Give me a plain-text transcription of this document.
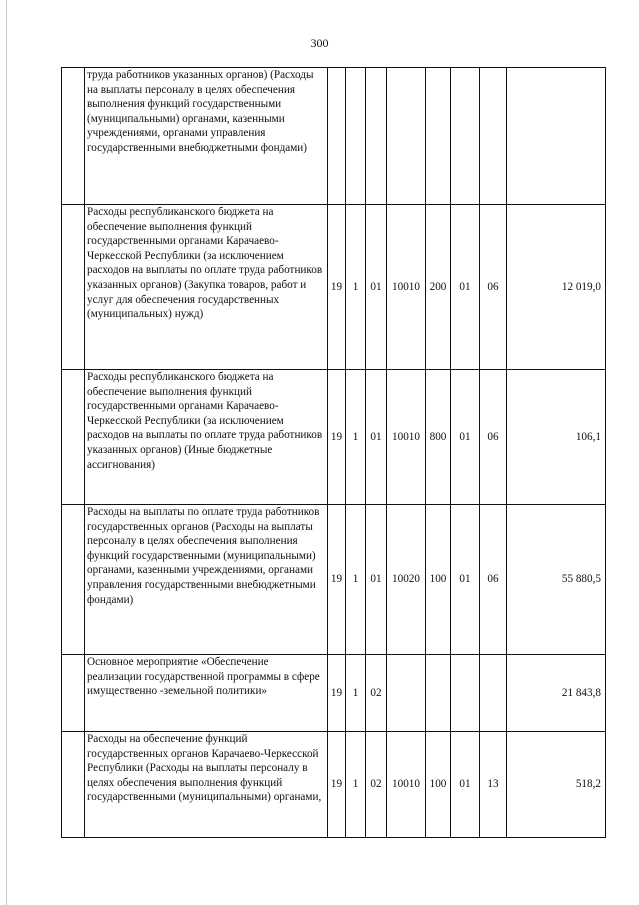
300
	труда работников указанных органов) (Расходы на выплаты персоналу в целях обеспечения выполнения функций государственными (муниципальными) органами, казенными учреждениями, органами управления государственными внебюджетными фондами)								
	Расходы республиканского бюджета на обеспечение выполнения функций государственными органами Карачаево-Черкесской Республики (за исключением расходов на выплаты по оплате труда работников указанных органов) (Закупка товаров, работ и услуг для обеспечения государственных (муниципальных) нужд)	19	1	01	10010	200	01	06	12 019,0
	Расходы республиканского бюджета на обеспечение выполнения функций государственными органами Карачаево-Черкесской Республики (за исключением расходов на выплаты по оплате труда работников указанных органов) (Иные бюджетные ассигнования)	19	1	01	10010	800	01	06	106,1
	Расходы на выплаты по оплате труда работников государственных органов (Расходы на выплаты персоналу в целях обеспечения выполнения функций государственными (муниципальными) органами, казенными учреждениями, органами управления государственными внебюджетными фондами)	19	1	01	10020	100	01	06	55 880,5
	Основное мероприятие «Обеспечение реализации государственной программы в сфере имущественно -земельной политики»	19	1	02					21 843,8
	Расходы на обеспечение функций государственных органов Карачаево-Черкесской Республики (Расходы на выплаты персоналу в целях обеспечения выполнения функций государственными (муниципальными) органами,	19	1	02	10010	100	01	13	518,2
